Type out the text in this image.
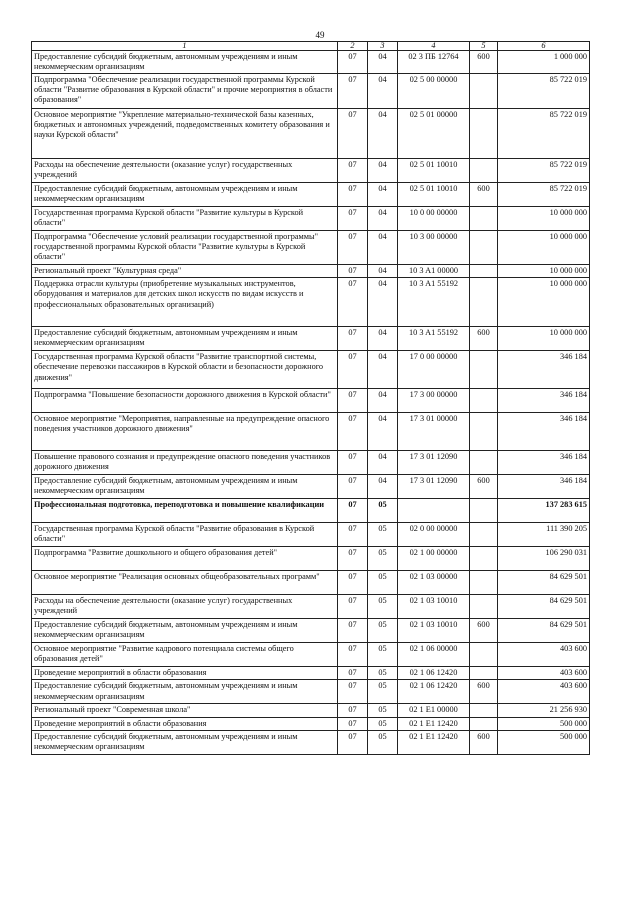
49
1	2	3	4	5	6
Предоставление субсидий бюджетным, автономным учреждениям и иным некоммерческим организациям	07	04	02 3 ПБ 12764	600	1 000 000
Подпрограмма "Обеспечение реализации государственной программы Курской области "Развитие образования в Курской области" и прочие мероприятия в области образования"	07	04	02 5 00 00000		85 722 019
Основное мероприятие "Укрепление материально-технической базы казенных, бюджетных и автономных учреждений, подведомственных комитету образования и науки Курской области"	07	04	02 5 01 00000		85 722 019
Расходы на обеспечение деятельности (оказание услуг) государственных учреждений	07	04	02 5 01 10010		85 722 019
Предоставление субсидий бюджетным, автономным учреждениям и иным некоммерческим организациям	07	04	02 5 01 10010	600	85 722 019
Государственная программа Курской области "Развитие культуры в Курской области"	07	04	10 0 00 00000		10 000 000
Подпрограмма "Обеспечение условий реализации государственной программы" государственной программы Курской области "Развитие культуры в Курской области"	07	04	10 3 00 00000		10 000 000
Региональный проект "Культурная среда"	07	04	10 3 A1 00000		10 000 000
Поддержка отрасли культуры (приобретение музыкальных инструментов, оборудования и материалов для детских школ искусств по видам искусств и профессиональных образовательных организаций)	07	04	10 3 A1 55192		10 000 000
Предоставление субсидий бюджетным, автономным учреждениям и иным некоммерческим организациям	07	04	10 3 A1 55192	600	10 000 000
Государственная программа Курской области "Развитие транспортной системы, обеспечение перевозки пассажиров в Курской области и безопасности дорожного движения"	07	04	17 0 00 00000		346 184
Подпрограмма "Повышение безопасности дорожного движения в Курской области"	07	04	17 3 00 00000		346 184
Основное мероприятие "Мероприятия, направленные на предупреждение опасного поведения участников дорожного движения"	07	04	17 3 01 00000		346 184
Повышение правового сознания и предупреждение опасного поведения участников дорожного движения	07	04	17 3 01 12090		346 184
Предоставление субсидий бюджетным, автономным учреждениям и иным некоммерческим организациям	07	04	17 3 01 12090	600	346 184
Профессиональная подготовка, переподготовка и повышение квалификации	07	05			137 283 615
Государственная программа Курской области "Развитие образования в Курской области"	07	05	02 0 00 00000		111 390 205
Подпрограмма "Развитие дошкольного и общего образования детей"	07	05	02 1 00 00000		106 290 031
Основное мероприятие "Реализация основных общеобразовательных программ"	07	05	02 1 03 00000		84 629 501
Расходы на обеспечение деятельности (оказание услуг) государственных учреждений	07	05	02 1 03 10010		84 629 501
Предоставление субсидий бюджетным, автономным учреждениям и иным некоммерческим организациям	07	05	02 1 03 10010	600	84 629 501
Основное мероприятие "Развитие кадрового потенциала системы общего образования детей"	07	05	02 1 06 00000		403 600
Проведение мероприятий в области образования	07	05	02 1 06 12420		403 600
Предоставление субсидий бюджетным, автономным учреждениям и иным некоммерческим организациям	07	05	02 1 06 12420	600	403 600
Региональный проект "Современная школа"	07	05	02 1 E1 00000		21 256 930
Проведение мероприятий в области образования	07	05	02 1 E1 12420		500 000
Предоставление субсидий бюджетным, автономным учреждениям и иным некоммерческим организациям	07	05	02 1 E1 12420	600	500 000
